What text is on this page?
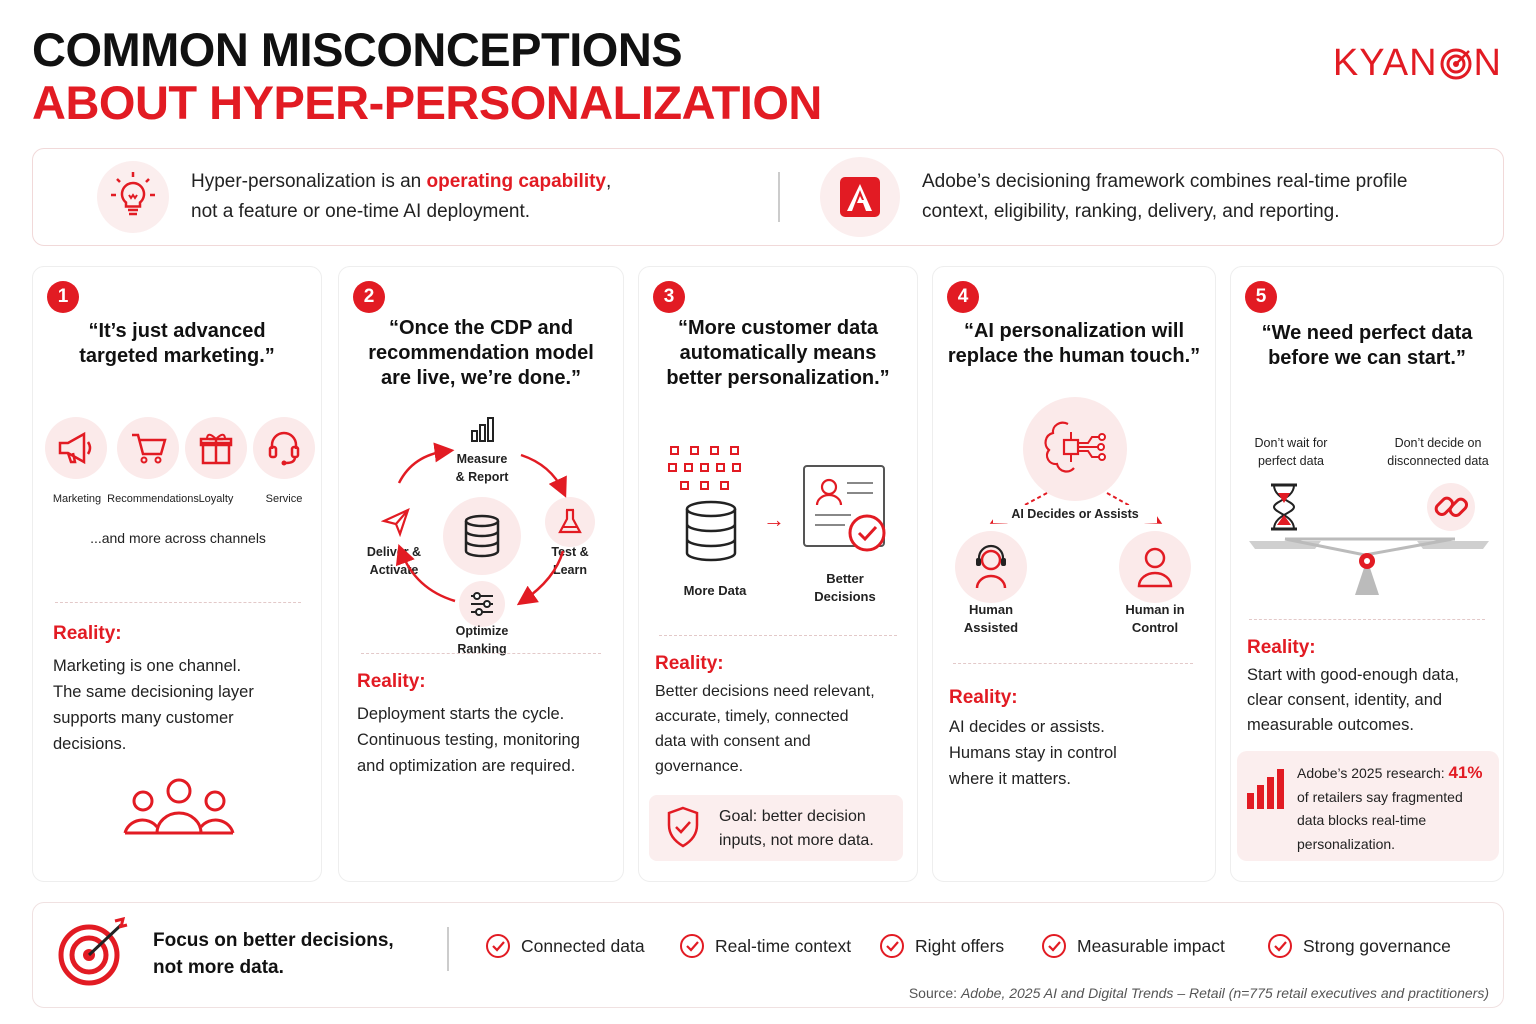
COMMON MISCONCEPTIONS
ABOUT HYPER-PERSONALIZATION
KYAN N
Hyper-personalization is an operating capability,
not a feature or one-time AI deployment.
Adobe’s decisioning framework combines real-time profile
context, eligibility, ranking, delivery, and reporting.
1
“It’s just advanced
targeted marketing.”
Marketing Recommendations Loyalty	Service
...and more across channels
Reality:
Marketing is one channel.
The same decisioning layer
supports many customer
decisions.
2
“Once the CDP and
recommendation model
are live, we’re done.”
Measure
& Report
Test &
Learn
Deliver &
Activate
Optimize
Ranking
Reality:
Deployment starts the cycle.
Continuous testing, monitoring
and optimization are required.
3
“More customer data
automatically means
better personalization.”
→
More Data
Better
Decisions
Reality:
Better decisions need relevant,
accurate, timely, connected
data with consent and
governance.
Goal: better decision
inputs, not more data.
4
“AI personalization will
replace the human touch.”
AI Decides or Assists
Human
Assisted
Human in
Control
Reality:
AI decides or assists.
Humans stay in control
where it matters.
5
“We need perfect data
before we can start.”
Don’t wait for
perfect data
Don’t decide on
disconnected data
Reality:
Start with good-enough data,
clear consent, identity, and
measurable outcomes.
Adobe’s 2025 research: 41%
of retailers say fragmented
data blocks real-time
personalization.
Focus on better decisions,
not more data.
Connected data	Real-time context	Right offers	Measurable impact	Strong governance
Source: Adobe, 2025 AI and Digital Trends – Retail (n=775 retail executives and practitioners)
